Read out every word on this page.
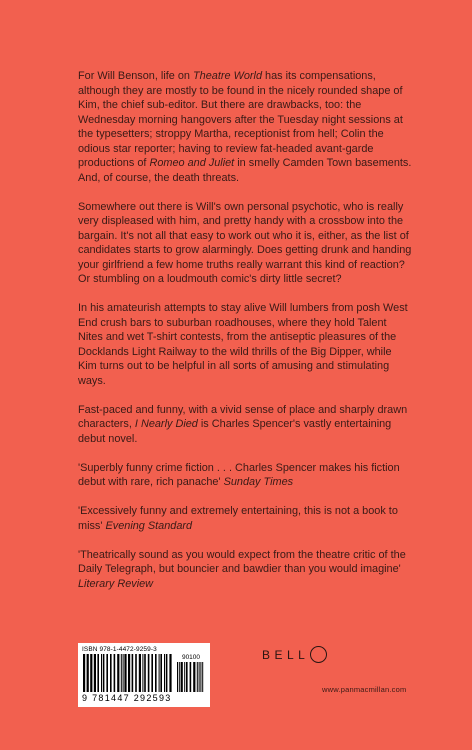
For Will Benson, life on Theatre World has its compensations, although they are mostly to be found in the nicely rounded shape of Kim, the chief sub-editor. But there are drawbacks, too: the Wednesday morning hangovers after the Tuesday night sessions at the typesetters; stroppy Martha, receptionist from hell; Colin the odious star reporter; having to review fat-headed avant-garde productions of Romeo and Juliet in smelly Camden Town basements. And, of course, the death threats.

Somewhere out there is Will's own personal psychotic, who is really very displeased with him, and pretty handy with a crossbow into the bargain. It's not all that easy to work out who it is, either, as the list of candidates starts to grow alarmingly. Does getting drunk and handing your girlfriend a few home truths really warrant this kind of reaction? Or stumbling on a loudmouth comic's dirty little secret?

In his amateurish attempts to stay alive Will lumbers from posh West End crush bars to suburban roadhouses, where they hold Talent Nites and wet T-shirt contests, from the antiseptic pleasures of the Docklands Light Railway to the wild thrills of the Big Dipper, while Kim turns out to be helpful in all sorts of amusing and stimulating ways.

Fast-paced and funny, with a vivid sense of place and sharply drawn characters, I Nearly Died is Charles Spencer's vastly entertaining debut novel.

'Superbly funny crime fiction . . . Charles Spencer makes his fiction debut with rare, rich panache' Sunday Times

'Excessively funny and extremely entertaining, this is not a book to miss' Evening Standard

'Theatrically sound as you would expect from the theatre critic of the Daily Telegraph, but bouncier and bawdier than you would imagine' Literary Review

ISBN 978-1-4472-9259-3
90100
9 781447 292593
BELL
www.panmacmillan.com
